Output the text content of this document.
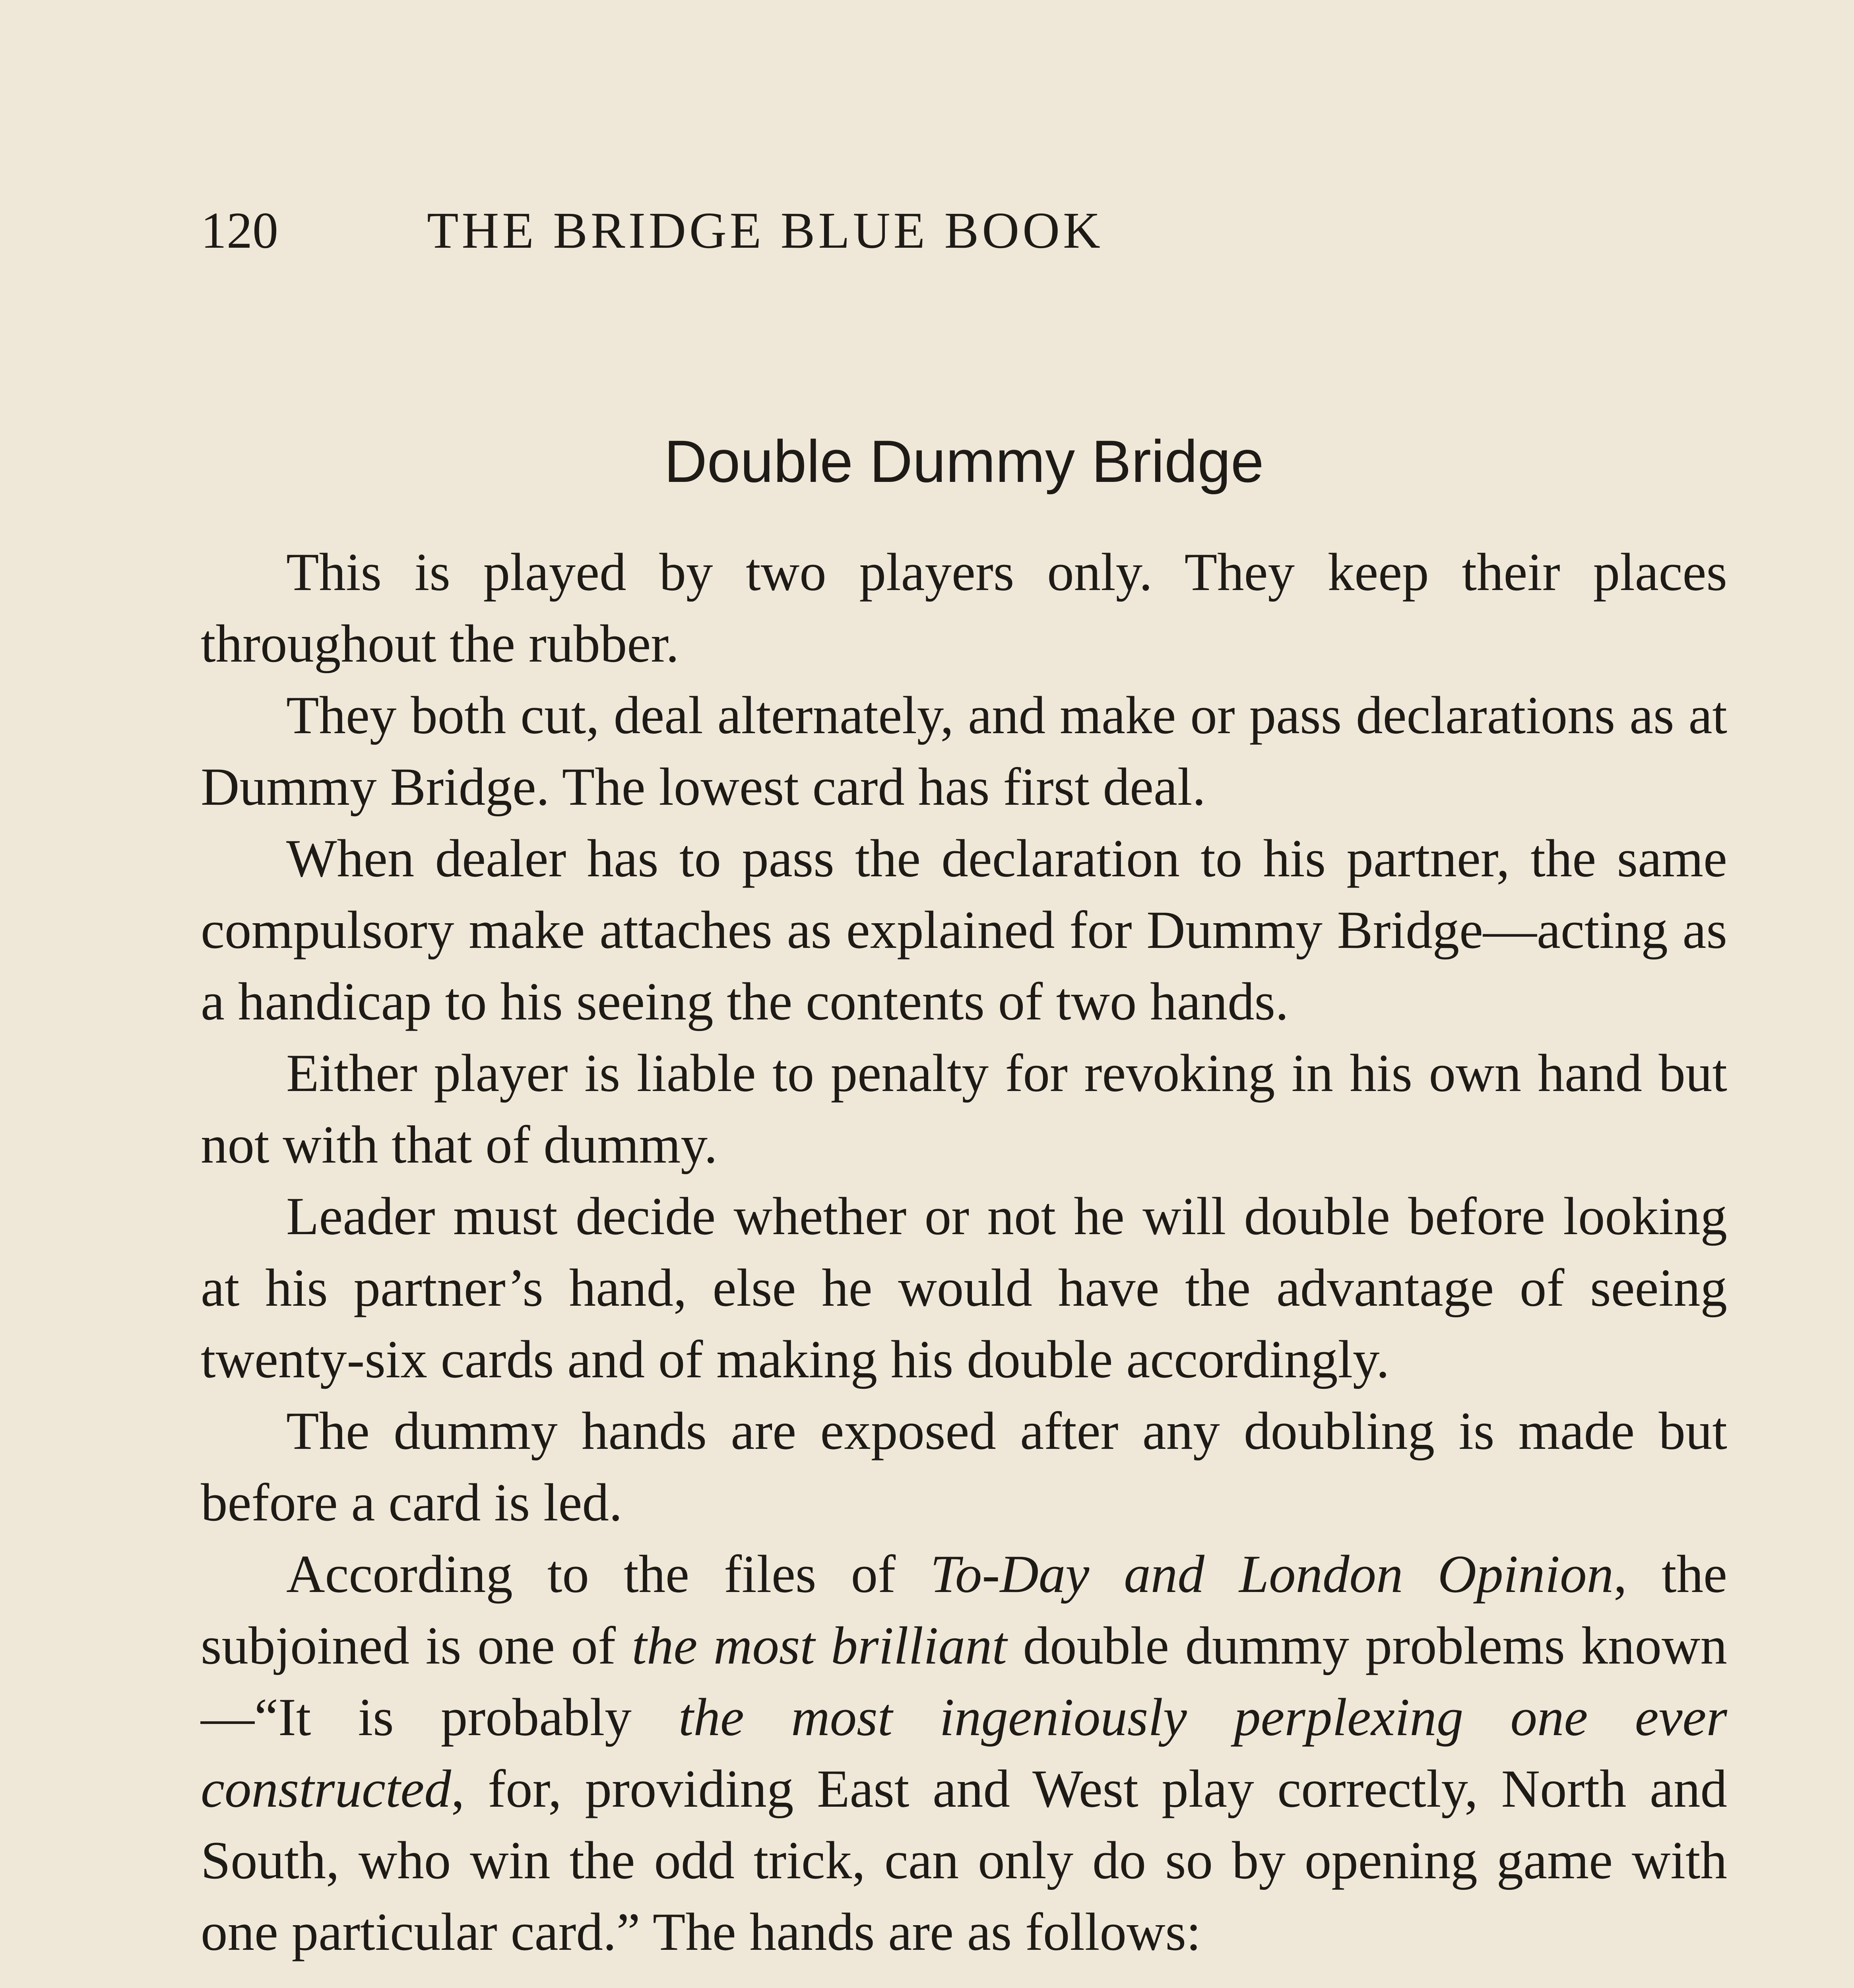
120	THE BRIDGE BLUE BOOK
Double Dummy Bridge

This is played by two players only. They keep their places throughout the rubber.

They both cut, deal alternately, and make or pass declarations as at Dummy Bridge. The lowest card has first deal.

When dealer has to pass the declaration to his partner, the same compulsory make attaches as explained for Dummy Bridge—acting as a handicap to his seeing the contents of two hands.

Either player is liable to penalty for revoking in his own hand but not with that of dummy.

Leader must decide whether or not he will double before looking at his partner’s hand, else he would have the advantage of seeing twenty-six cards and of making his double accordingly.

The dummy hands are exposed after any doubling is made but before a card is led.

According to the files of To-Day and London Opinion, the subjoined is one of the most brilliant double dummy problems known—“It is probably the most ingeniously perplexing one ever constructed, for, providing East and West play correctly, North and South, who win the odd trick, can only do so by opening game with one particular card.” The hands are as follows:
